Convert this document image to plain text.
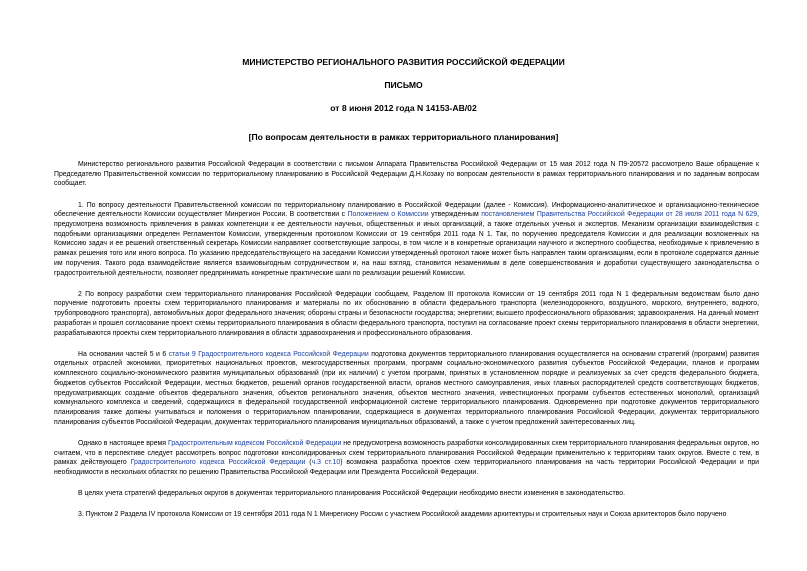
МИНИСТЕРСТВО РЕГИОНАЛЬНОГО РАЗВИТИЯ РОССИЙСКОЙ ФЕДЕРАЦИИ
ПИСЬМО
от 8 июня 2012 года N 14153-АВ/02
[По вопросам деятельности в рамках территориального планирования]

Министерство регионального развития Российской Федерации в соответствии с письмом Аппарата Правительства Российской Федерации от 15 мая 2012 года N П9-20572 рассмотрело Ваше обращение к Председателю Правительственной комиссии по территориальному планированию в Российской Федерации Д.Н.Козаку по вопросам деятельности в рамках территориального планирования и по заданным вопросам сообщает.

1. По вопросу деятельности Правительственной комиссии по территориальному планированию в Российской Федерации (далее - Комиссия). Информационно-аналитическое и организационно-техническое обеспечение деятельности Комиссии осуществляет Минрегион России. В соответствии с Положением о Комиссии утвержденным постановлением Правительства Российской Федерации от 28 июля 2011 года N 629, предусмотрена возможность привлечения в рамках компетенции к ее деятельности научных, общественных и иных организаций, а также отдельных ученых и экспертов. Механизм организации взаимодействия с подобными организациями определен Регламентом Комиссии, утвержденным протоколом Комиссии от 19 сентября 2011 года N 1. Так, по поручению председателя Комиссии и для реализации возложенных на Комиссию задач и ее решений ответственный секретарь Комиссии направляет соответствующие запросы, в том числе и в конкретные организации научного и экспертного сообщества, необходимые к привлечению в рамках решения того или иного вопроса. По указанию председательствующего на заседании Комиссии утвержденный протокол также может быть направлен таким организациям, если в протоколе содержатся данные им поручения. Такого рода взаимодействие является взаимовыгодным сотрудничеством и, на наш взгляд, становится незаменимым в деле совершенствования и доработки существующего законодательства о градостроительной деятельности, позволяет предпринимать конкретные практические шаги по реализации решений Комиссии.

2 По вопросу разработки схем территориального планирования Российской Федерации сообщаем, Разделом III протокола Комиссии от 19 сентября 2011 года N 1 федеральным ведомствам было дано поручение подготовить проекты схем территориального планирования и материалы по их обоснованию в области федерального транспорта (железнодорожного, воздушного, морского, внутреннего, водного, трубопроводного транспорта), автомобильных дорог федерального значения; обороны страны и безопасности государства; энергетики; высшего профессионального образования; здравоохранения. На данный момент разработан и прошел согласование проект схемы территориального планирования в области федерального транспорта, поступил на согласование проект схемы территориального планирования в области энергетики, разрабатываются проекты схем территориального планирования в области здравоохранения и профессионального образования.

На основании частей 5 и 6 статьи 9 Градостроительного кодекса Российской Федерации подготовка документов территориального планирования осуществляется на основании стратегий (программ) развития отдельных отраслей экономики, приоритетных национальных проектов, межгосударственных программ, программ социально-экономического развития субъектов Российской Федерации, планов и программ комплексного социально-экономического развития муниципальных образований (при их наличии) с учетом программ, принятых в установленном порядке и реализуемых за счет средств федерального бюджета, бюджетов субъектов Российской Федерации, местных бюджетов, решений органов государственной власти, органов местного самоуправления, иных главных распорядителей средств соответствующих бюджетов, предусматривающих создание объектов федерального значения, объектов регионального значения, объектов местного значения, инвестиционных программ субъектов естественных монополий, организаций коммунального комплекса и сведений, содержащихся в федеральной государственной информационной системе территориального планирования. Одновременно при подготовке документов территориального планирования также должны учитываться и положения о территориальном планировании, содержащиеся в документах территориального планирования Российской Федерации, документах территориального планирования субъектов Российской Федерации, документах территориального планирования муниципальных образований, а также с учетом предложений заинтересованных лиц.

Однако в настоящее время Градостроительным кодексом Российской Федерации не предусмотрена возможность разработки консолидированных схем территориального планирования федеральных округов, но считаем, что в перспективе следует рассмотреть вопрос подготовки консолидированных схем территориального планирования Российской Федерации применительно к территориям таких округов. Вместе с тем, в рамках действующего Градостроительного кодекса Российской Федерации (ч.3 ст.10) возможна разработка проектов схем территориального планирования на часть территории Российской Федерации и при необходимости в нескольких областях по решению Правительства Российской Федерации или Президента Российской Федерации.

В целях учета стратегий федеральных округов в документах территориального планирования Российской Федерации необходимо внести изменения в законодательство.

3. Пунктом 2 Раздела IV протокола Комиссии от 19 сентября 2011 года N 1 Минрегиону России с участием Российской академии архитектуры и строительных наук и Союза архитекторов было поручено
